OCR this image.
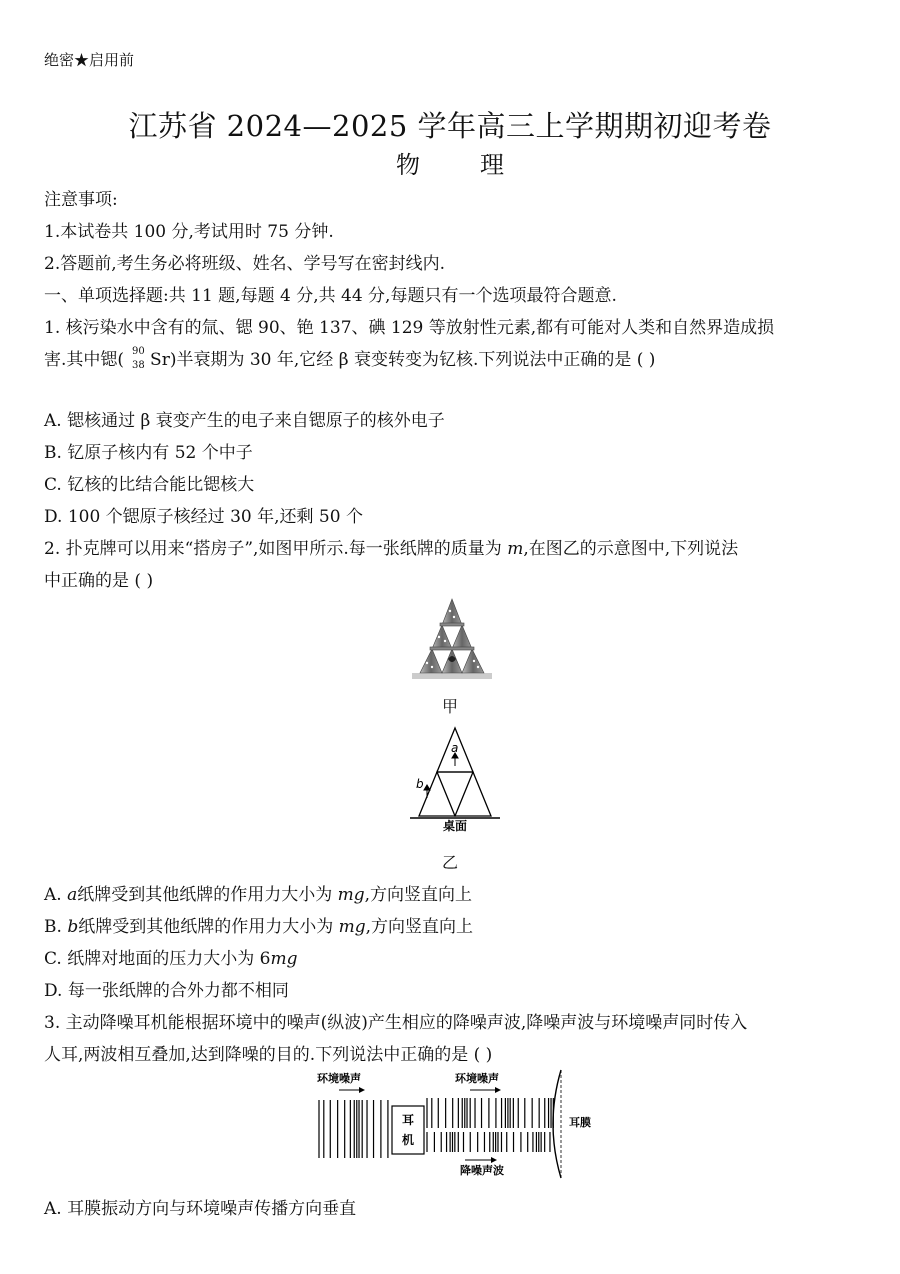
绝密★启用前
江苏省 2024—2025 学年高三上学期期初迎考卷
物	理
注意事项:
1.本试卷共 100 分,考试用时 75 分钟.
2.答题前,考生务必将班级、姓名、学号写在密封线内.
一、单项选择题:共 11 题,每题 4 分,共 44 分,每题只有一个选项最符合题意.
1. 核污染水中含有的氚、锶 90、铯 137、碘 129 等放射性元素,都有可能对人类和自然界造成损
害.其中锶( 90
38 Sr)半衰期为 30 年,它经 β 衰变转变为钇核.下列说法中正确的是 ( )
A. 锶核通过 β 衰变产生的电子来自锶原子的核外电子
B. 钇原子核内有 52 个中子
C. 钇核的比结合能比锶核大
D. 100 个锶原子核经过 30 年,还剩 50 个
2. 扑克牌可以用来“搭房子”,如图甲所示.每一张纸牌的质量为 m,在图乙的示意图中,下列说法
中正确的是 ( )
甲
a
b
桌面
乙
A. a纸牌受到其他纸牌的作用力大小为 mg,方向竖直向上
B. b纸牌受到其他纸牌的作用力大小为 mg,方向竖直向上
C. 纸牌对地面的压力大小为 6mg
D. 每一张纸牌的合外力都不相同
3. 主动降噪耳机能根据环境中的噪声(纵波)产生相应的降噪声波,降噪声波与环境噪声同时传入
人耳,两波相互叠加,达到降噪的目的.下列说法中正确的是 ( )
耳
机
环境噪声	环境噪声
耳膜
降噪声波
A. 耳膜振动方向与环境噪声传播方向垂直
